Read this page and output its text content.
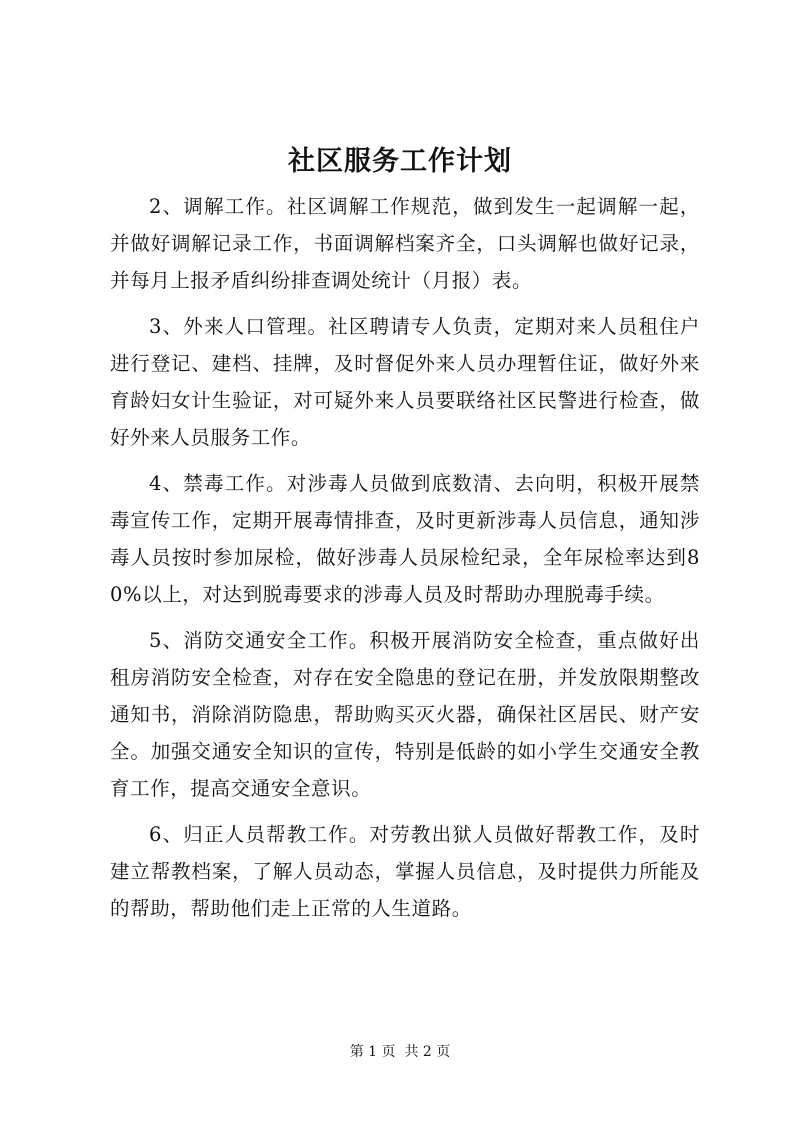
社区服务工作计划

2、调解工作。社区调解工作规范，做到发生一起调解一起，并做好调解记录工作，书面调解档案齐全，口头调解也做好记录，并每月上报矛盾纠纷排查调处统计（月报）表。

3、外来人口管理。社区聘请专人负责，定期对来人员租住户进行登记、建档、挂牌，及时督促外来人员办理暂住证，做好外来育龄妇女计生验证，对可疑外来人员要联络社区民警进行检查，做好外来人员服务工作。

4、禁毒工作。对涉毒人员做到底数清、去向明，积极开展禁毒宣传工作，定期开展毒情排查，及时更新涉毒人员信息，通知涉毒人员按时参加尿检，做好涉毒人员尿检纪录，全年尿检率达到80%以上，对达到脱毒要求的涉毒人员及时帮助办理脱毒手续。

5、消防交通安全工作。积极开展消防安全检查，重点做好出租房消防安全检查，对存在安全隐患的登记在册，并发放限期整改通知书，消除消防隐患，帮助购买灭火器，确保社区居民、财产安全。加强交通安全知识的宣传，特别是低龄的如小学生交通安全教育工作，提高交通安全意识。

6、归正人员帮教工作。对劳教出狱人员做好帮教工作，及时建立帮教档案，了解人员动态，掌握人员信息，及时提供力所能及的帮助，帮助他们走上正常的人生道路。

第 1 页  共 2 页
